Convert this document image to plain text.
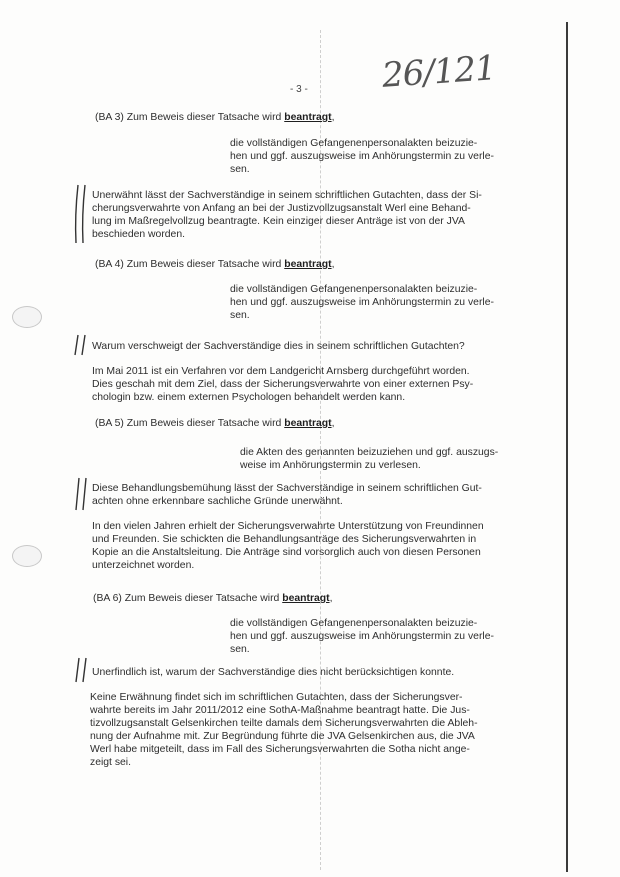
26/121
- 3 -

(BA 3) Zum Beweis dieser Tatsache wird beantragt,

die vollständigen Gefangenenpersonalakten beizuzie-
hen und ggf. auszugsweise im Anhörungstermin zu verle-
sen.

Unerwähnt lässt der Sachverständige in seinem schriftlichen Gutachten, dass der Si-
cherungsverwahrte von Anfang an bei der Justizvollzugsanstalt Werl eine Behand-
lung im Maßregelvollzug beantragte. Kein einziger dieser Anträge ist von der JVA
beschieden worden.

(BA 4) Zum Beweis dieser Tatsache wird beantragt,

die vollständigen Gefangenenpersonalakten beizuzie-
hen und ggf. auszugsweise im Anhörungstermin zu verle-
sen.

Warum verschweigt der Sachverständige dies in seinem schriftlichen Gutachten?

Im Mai 2011 ist ein Verfahren vor dem Landgericht Arnsberg durchgeführt worden.
Dies geschah mit dem Ziel, dass der Sicherungsverwahrte von einer externen Psy-
chologin bzw. einem externen Psychologen behandelt werden kann.

(BA 5) Zum Beweis dieser Tatsache wird beantragt,

die Akten des genannten beizuziehen und ggf. auszugs-
weise im Anhörungstermin zu verlesen.

Diese Behandlungsbemühung lässt der Sachverständige in seinem schriftlichen Gut-
achten ohne erkennbare sachliche Gründe unerwähnt.

In den vielen Jahren erhielt der Sicherungsverwahrte Unterstützung von Freundinnen
und Freunden. Sie schickten die Behandlungsanträge des Sicherungsverwahrten in
Kopie an die Anstaltsleitung. Die Anträge sind vorsorglich auch von diesen Personen
unterzeichnet worden.

(BA 6) Zum Beweis dieser Tatsache wird beantragt,

die vollständigen Gefangenenpersonalakten beizuzie-
hen und ggf. auszugsweise im Anhörungstermin zu verle-
sen.

Unerfindlich ist, warum der Sachverständige dies nicht berücksichtigen konnte.

Keine Erwähnung findet sich im schriftlichen Gutachten, dass der Sicherungsver-
wahrte bereits im Jahr 2011/2012 eine SothA-Maßnahme beantragt hatte. Die Jus-
tizvollzugsanstalt Gelsenkirchen teilte damals dem Sicherungsverwahrten die Ableh-
nung der Aufnahme mit. Zur Begründung führte die JVA Gelsenkirchen aus, die JVA
Werl habe mitgeteilt, dass im Fall des Sicherungsverwahrten die Sotha nicht ange-
zeigt sei.
